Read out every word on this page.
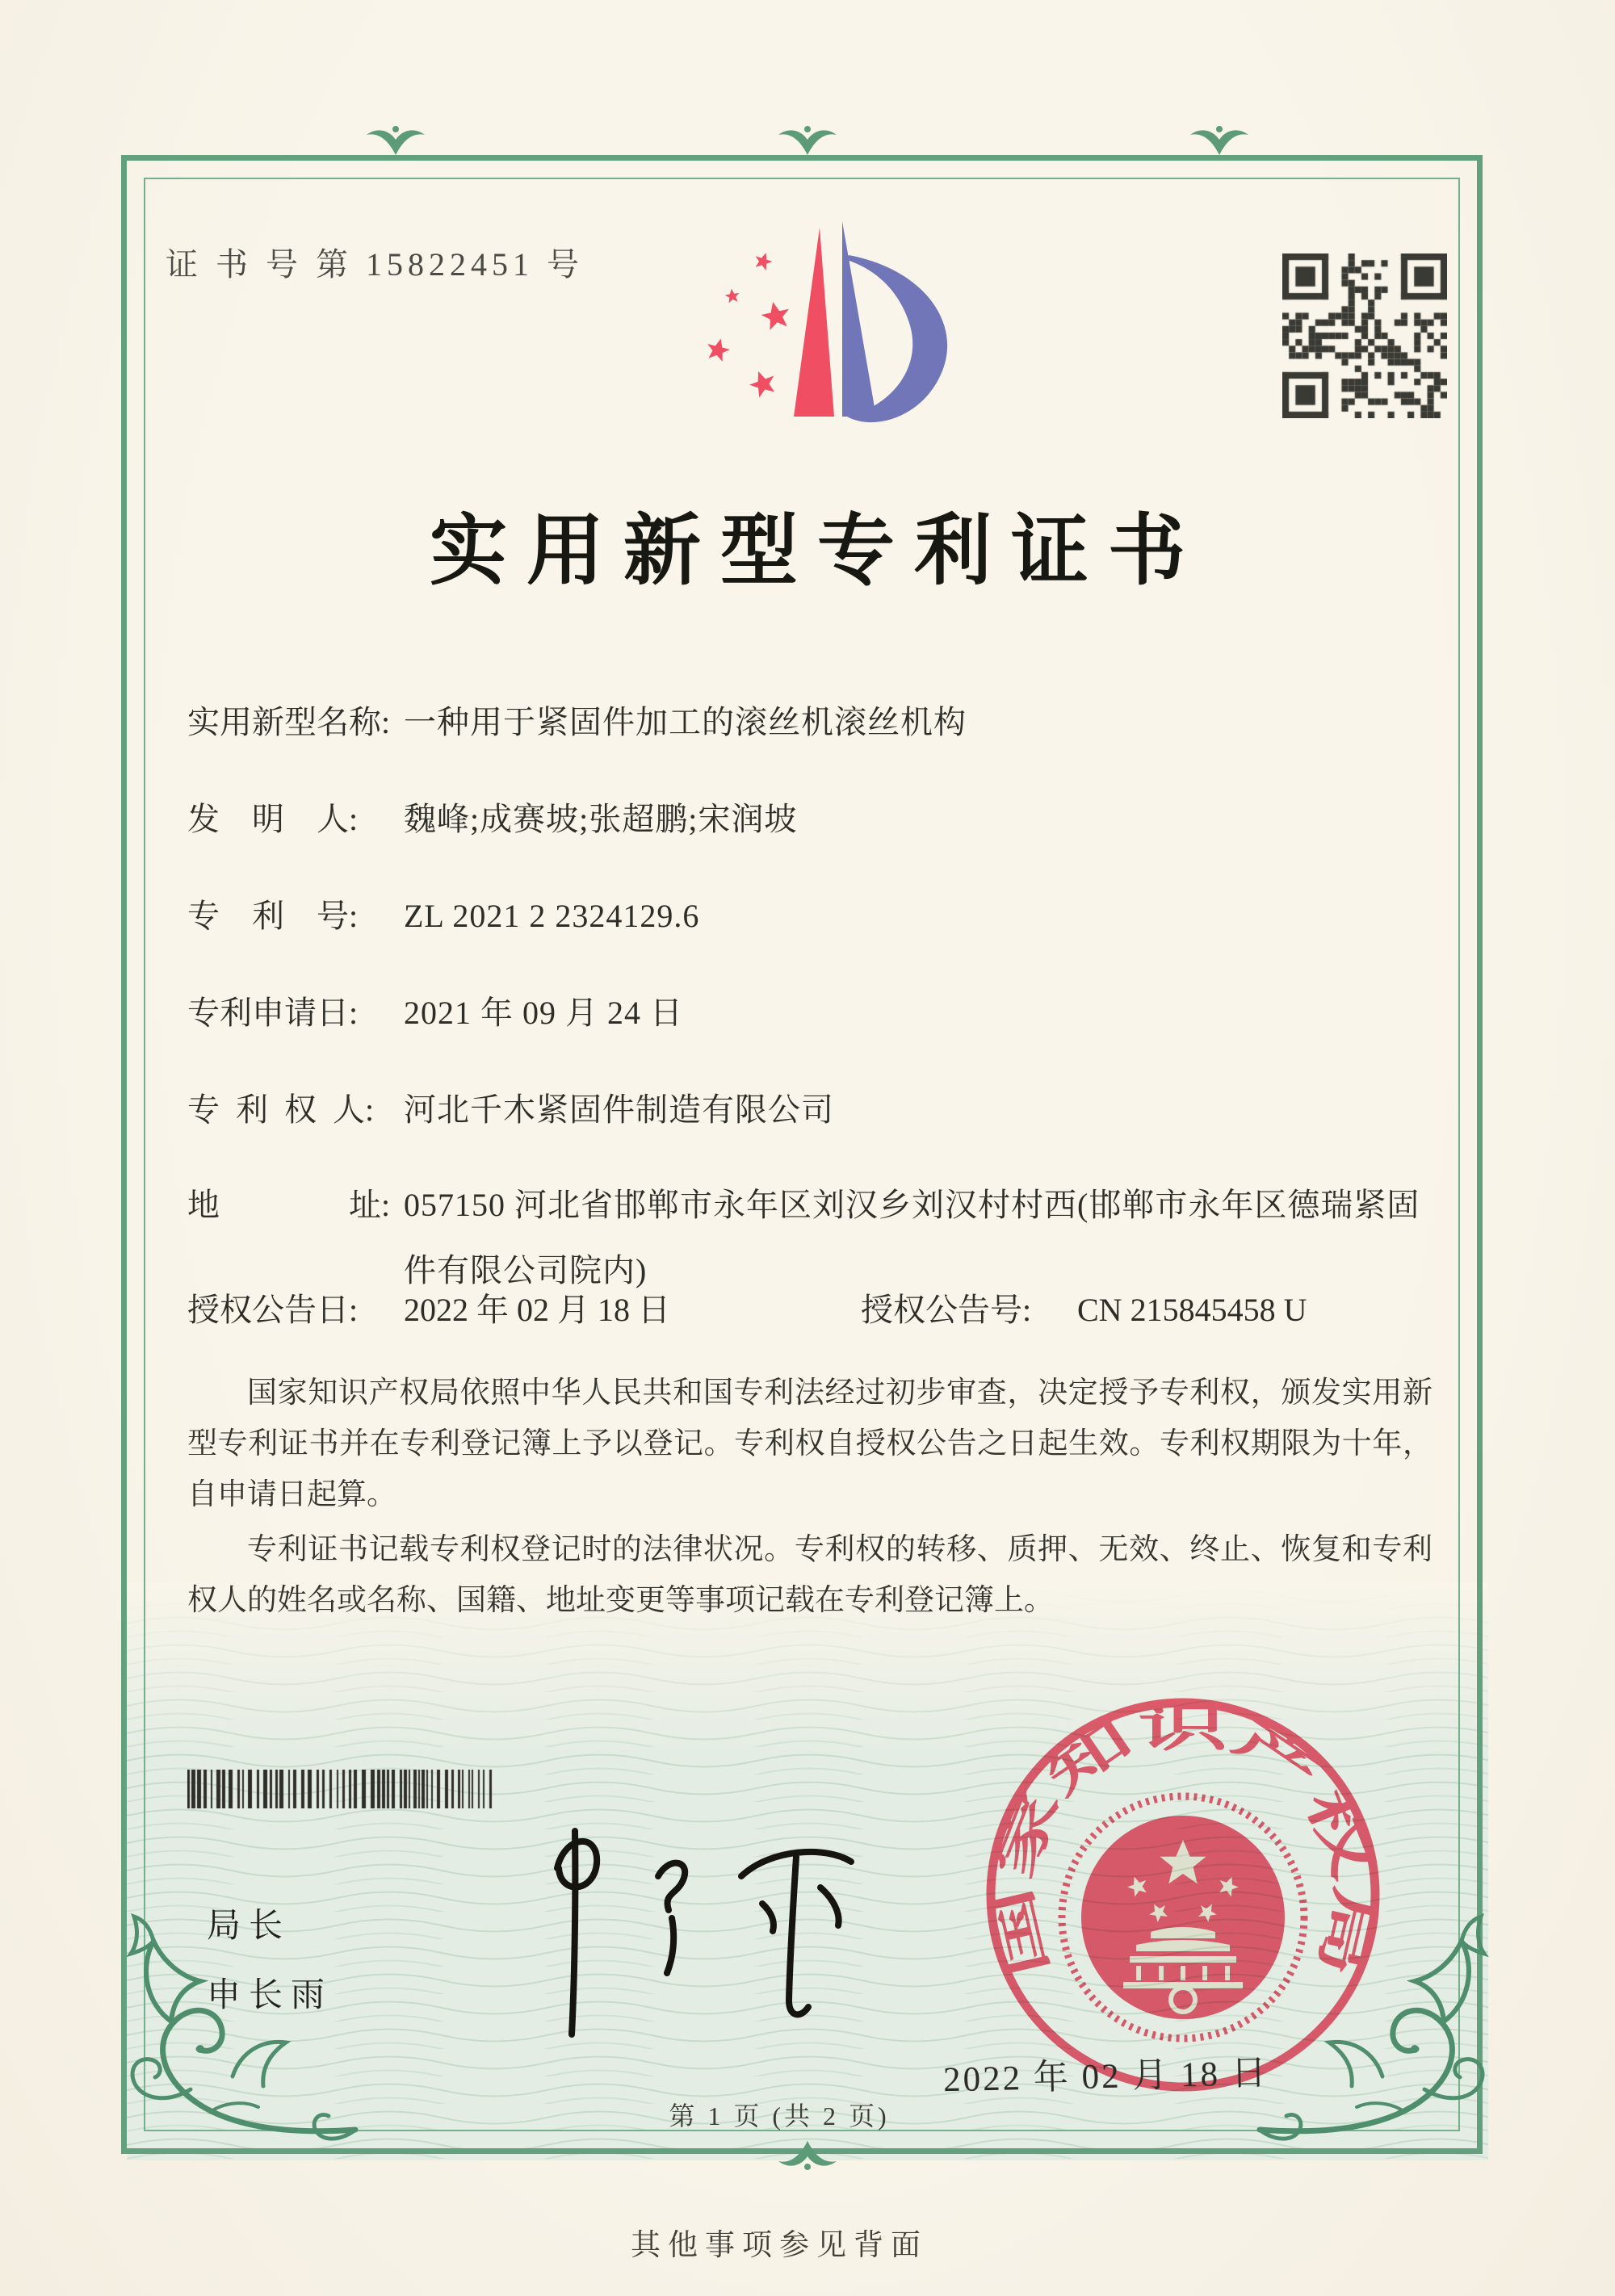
证 书 号 第 15822451 号
实用新型专利证书
实用新型名称: 一种用于紧固件加工的滚丝机滚丝机构
发　明　人:	魏峰;成赛坡;张超鹏;宋润坡
专　利　号:	ZL 2021 2 2324129.6
专利申请日:	2021 年 09 月 24 日
专 利 权 人: 河北千木紧固件制造有限公司
地　　　　址: 057150 河北省邯郸市永年区刘汉乡刘汉村村西(邯郸市永年区德瑞紧固件有限公司院内)
授权公告日:	2022 年 02 月 18 日	授权公告号:	CN 215845458 U

国家知识产权局依照中华人民共和国专利法经过初步审查，决定授予专利权，颁发实用新型专利证书并在专利登记簿上予以登记。专利权自授权公告之日起生效。专利权期限为十年，自申请日起算。

专利证书记载专利权登记时的法律状况。专利权的转移、质押、无效、终止、恢复和专利权人的姓名或名称、国籍、地址变更等事项记载在专利登记簿上。

局长
申长雨
国家知识产权局
2022 年 02 月 18 日
第 1 页 (共 2 页)
其他事项参见背面
